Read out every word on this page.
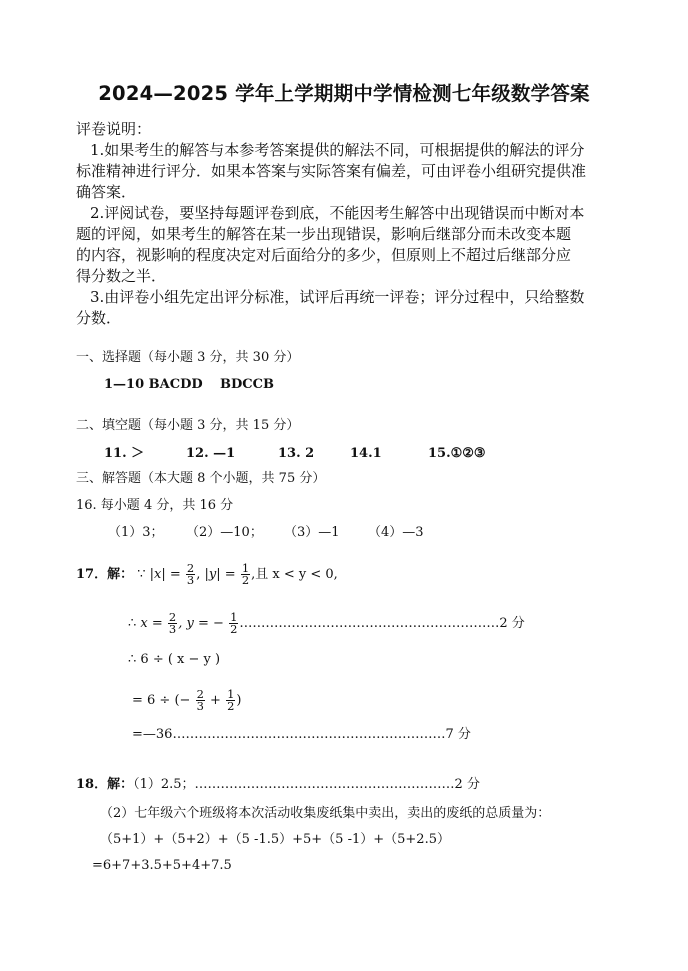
2024—2025 学年上学期期中学情检测七年级数学答案
评卷说明：
1.如果考生的解答与本参考答案提供的解法不同，可根据提供的解法的评分
标准精神进行评分．如果本答案与实际答案有偏差，可由评卷小组研究提供准
确答案．
2.评阅试卷，要坚持每题评卷到底，不能因考生解答中出现错误而中断对本
题的评阅，如果考生的解答在某一步出现错误，影响后继部分而未改变本题
的内容，视影响的程度决定对后面给分的多少，但原则上不超过后继部分应
得分数之半．
3.由评卷小组先定出评分标准，试评后再统一评卷；评分过程中，只给整数
分数．
一、选择题（每小题 3 分，共 30 分）
1—10 BACDD BDCCB
二、填空题（每小题 3 分，共 15 分）
11. ＞	12. —1	13. 2	14.1	15.①②③
三、解答题（本大题 8 个小题，共 75 分）
16. 每小题 4 分，共 16 分
（1）3； （2）—10； （3）—1 （4）—3
17．解： ∵ $|x| = \frac{2}{3}$ , $|y| = \frac{1}{2}$ ,且 x < y < 0,
∴ $x = \frac{2}{3}$ , y = − $\frac{1}{2}$ ……………………………………………………2 分
∴ 6 ÷ ( x − y )
= 6 ÷ (− $\frac{2}{3} + \frac{1}{2}$ )
=—36………………………………………………………7 分
18．解：（1）2.5；……………………………………………………2 分
（2）七年级六个班级将本次活动收集废纸集中卖出，卖出的废纸的总质量为：
（5+1）+（5+2）+（5 -1.5）+5+（5 -1）+（5+2.5）
=6+7+3.5+5+4+7.5
